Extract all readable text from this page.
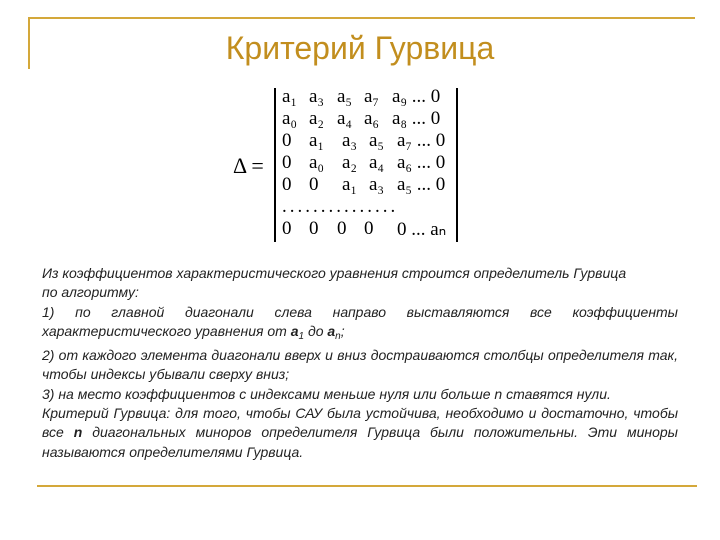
Критерий Гурвица
Δ =
a₁ a₃ a₅ a₇ a₉ ... 0
a₀ a₂ a₄ a₆ a₈ ... 0
0 a₁ a₃ a₅ a₇ ... 0
0 a₀ a₂ a₄ a₆ ... 0
0 0 a₁ a₃ a₅ ... 0
...............
0 0 0 0 0 ... aₙ

Из коэффициентов характеристического уравнения строится определитель Гурвица

по алгоритму:

1) по главной диагонали слева направо выставляются все коэффициенты характеристического уравнения от $а_1$ до $а_n$;

2) от каждого элемента диагонали вверх и вниз достраиваются столбцы определителя так, чтобы индексы убывали сверху вниз;

3) на место коэффициентов с индексами меньше нуля или больше n ставятся нули.

Критерий Гурвица: для того, чтобы САУ была устойчива, необходимо и достаточно, чтобы все n диагональных миноров определителя Гурвица были положительны. Эти миноры называются определителями Гурвица.
